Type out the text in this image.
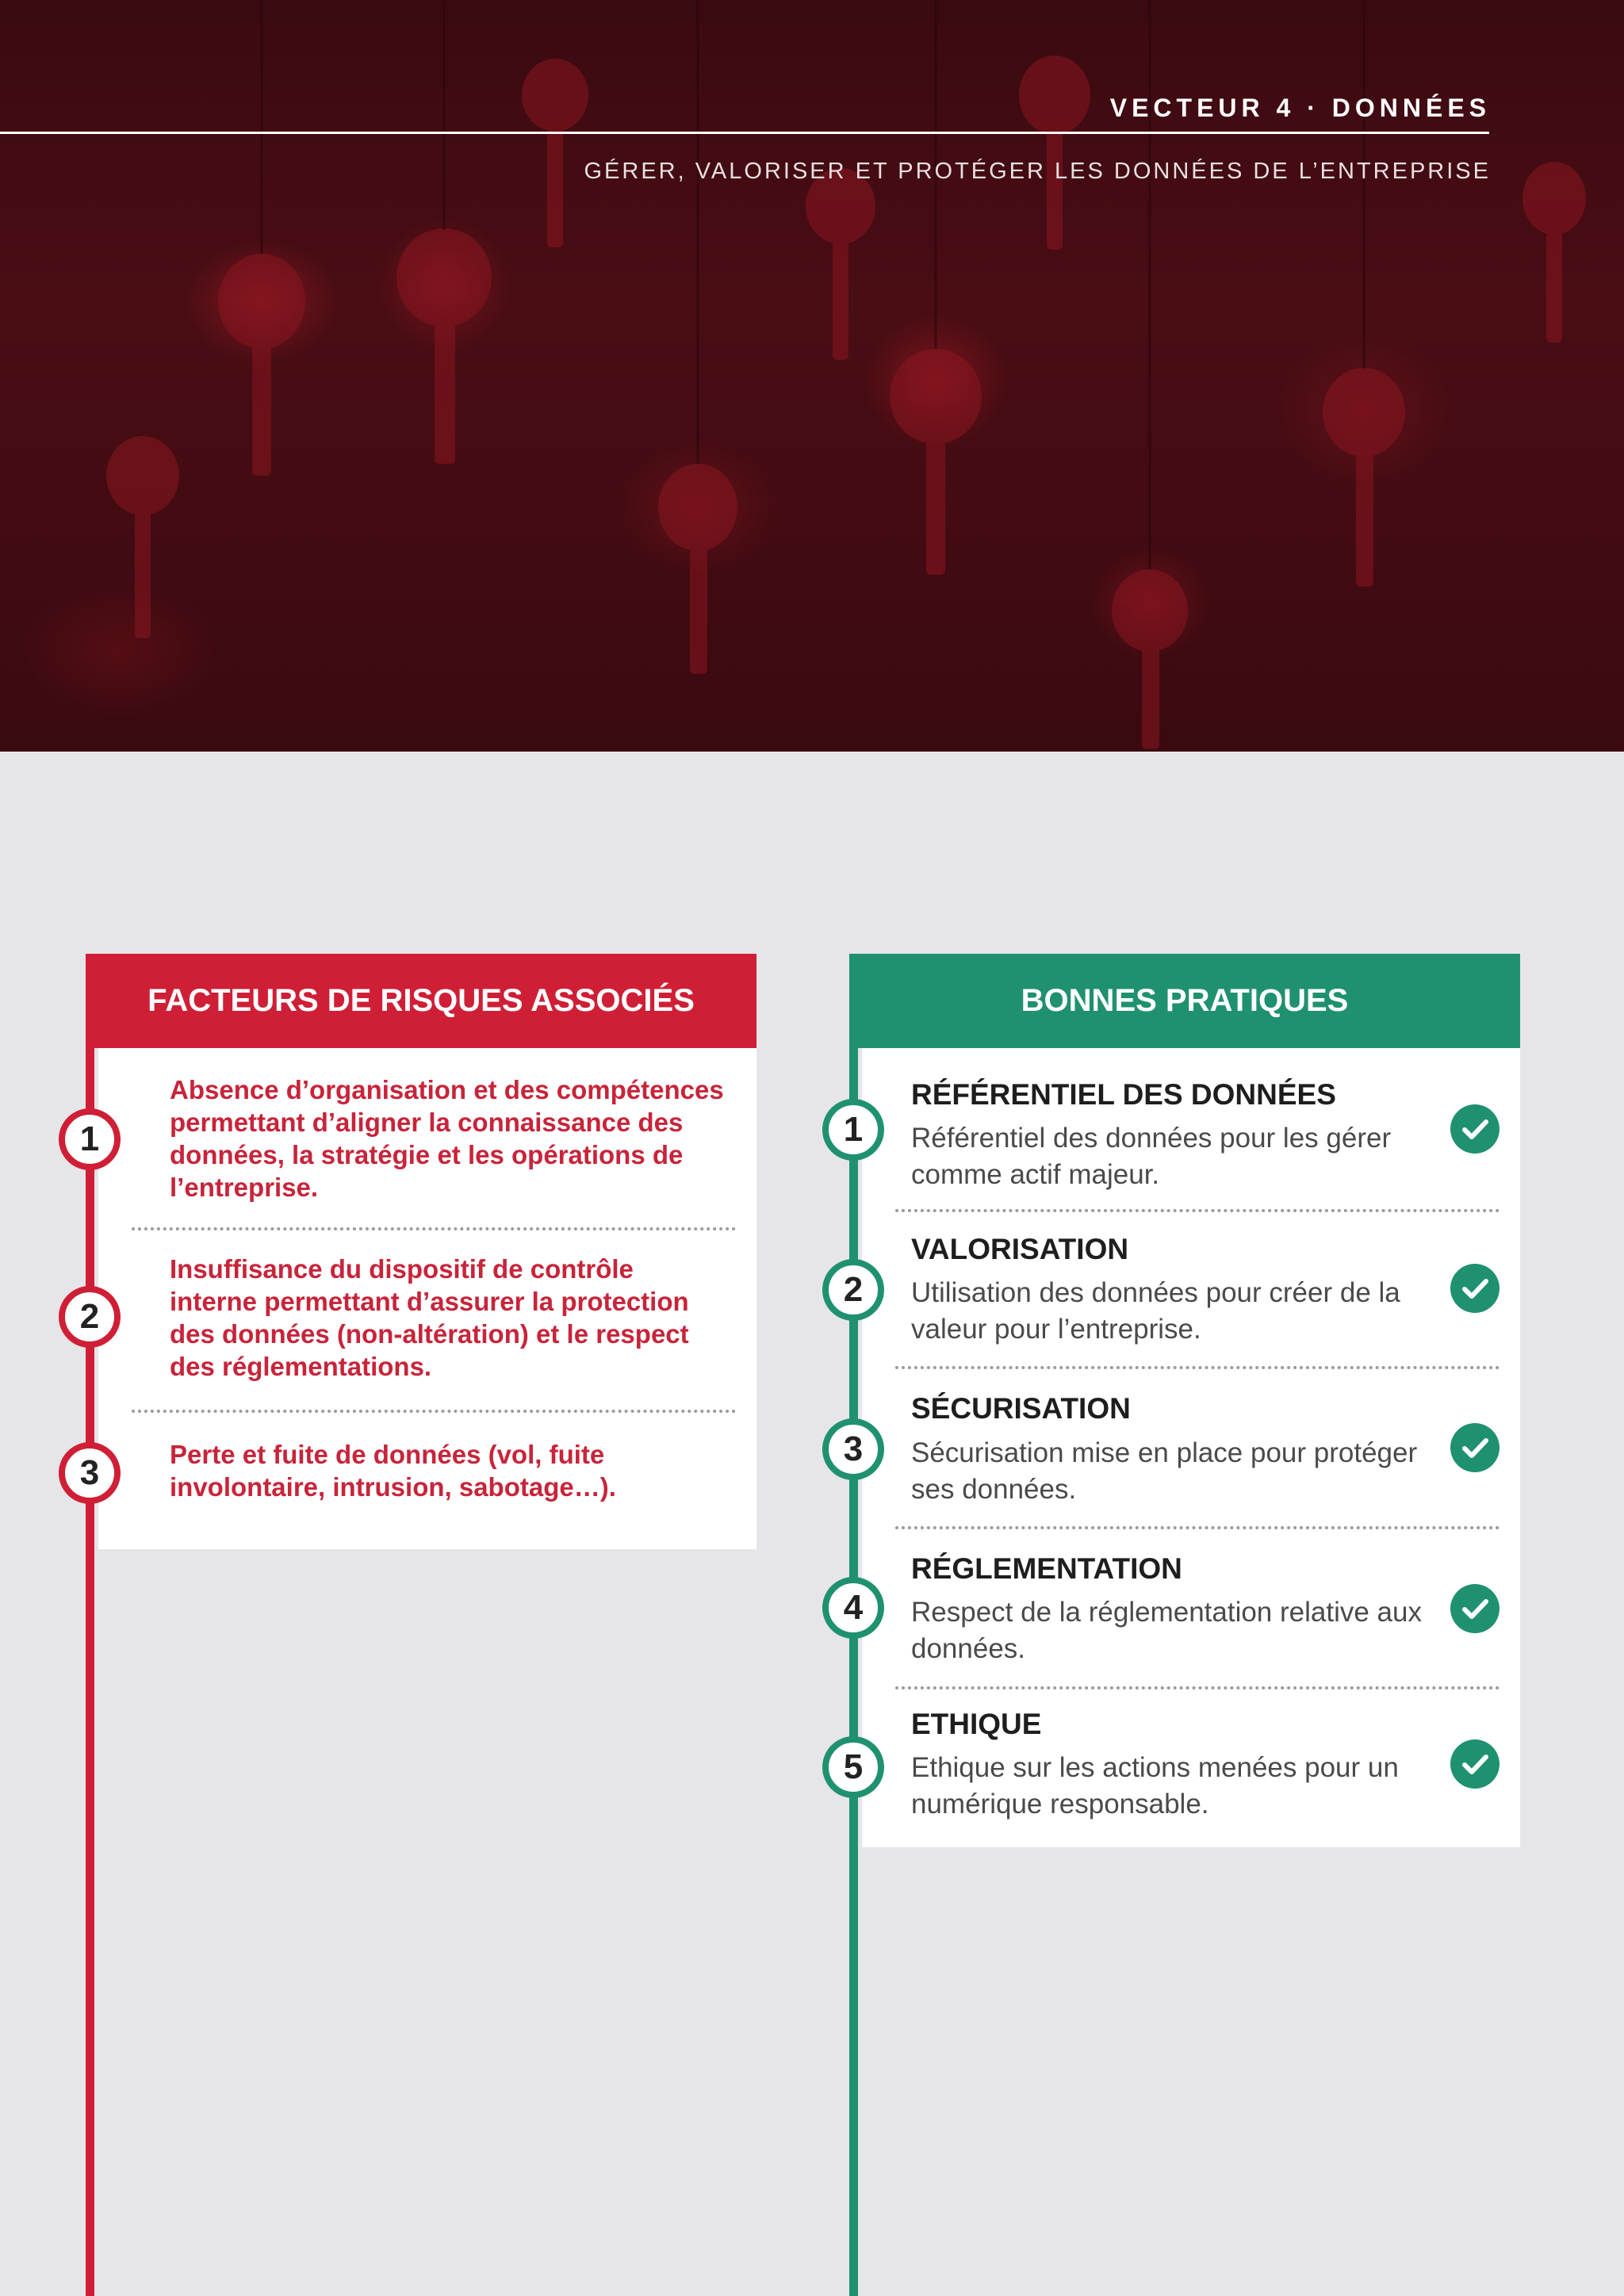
VECTEUR 4 · DONNÉES

GÉRER, VALORISER ET PROTÉGER LES DONNÉES DE L’ENTREPRISE

FACTEURS DE RISQUES ASSOCIÉS
1

Absence d’organisation et des compétences permettant d’aligner la connaissance des données, la stratégie et les opérations de l’entreprise.

2

Insuffisance du dispositif de contrôle interne permettant d’assurer la protection des données (non-altération) et le respect des réglementations.

3	Perte et fuite de données (vol, fuite involontaire, intrusion, sabotage…).

BONNES PRATIQUES
1
RÉFÉRENTIEL DES DONNÉES

Référentiel des données pour les gérer comme actif majeur.

2
VALORISATION

Utilisation des données pour créer de la valeur pour l’entreprise.

3
SÉCURISATION

Sécurisation mise en place pour protéger ses données.

4
RÉGLEMENTATION

Respect de la réglementation relative aux données.

5
ETHIQUE

Ethique sur les actions menées pour un numérique responsable.
